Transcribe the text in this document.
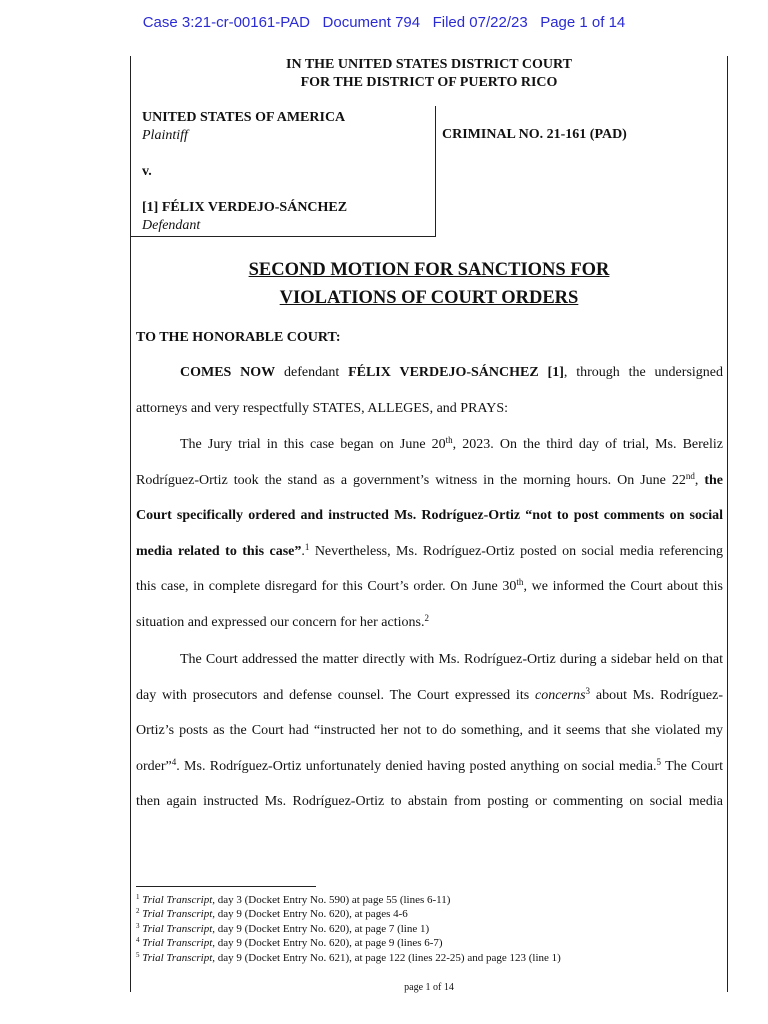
Case 3:21-cr-00161-PAD Document 794 Filed 07/22/23 Page 1 of 14
IN THE UNITED STATES DISTRICT COURT
FOR THE DISTRICT OF PUERTO RICO
UNITED STATES OF AMERICA
Plaintiff
v.
[1] FÉLIX VERDEJO-SÁNCHEZ
Defendant
CRIMINAL NO. 21-161 (PAD)
SECOND MOTION FOR SANCTIONS FOR
VIOLATIONS OF COURT ORDERS
TO THE HONORABLE COURT:

COMES NOW defendant FÉLIX VERDEJO-SÁNCHEZ [1], through the undersigned attorneys and very respectfully STATES, ALLEGES, and PRAYS:

The Jury trial in this case began on June 20th, 2023. On the third day of trial, Ms. Bereliz Rodríguez-Ortiz took the stand as a government’s witness in the morning hours. On June 22nd, the Court specifically ordered and instructed Ms. Rodríguez-Ortiz “not to post comments on social media related to this case”.$^1$ Nevertheless, Ms. Rodríguez-Ortiz posted on social media referencing this case, in complete disregard for this Court’s order. On June 30th, we informed the Court about this situation and expressed our concern for her actions.$^2$

The Court addressed the matter directly with Ms. Rodríguez-Ortiz during a sidebar held on that day with prosecutors and defense counsel. The Court expressed its concerns$^3$ about Ms. Rodríguez-Ortiz’s posts as the Court had “instructed her not to do something, and it seems that she violated my order”$^4$. Ms. Rodríguez-Ortiz unfortunately denied having posted anything on social media.$^5$ The Court then again instructed Ms. Rodríguez-Ortiz to abstain from posting or commenting on social media

$^1$ Trial Transcript, day 3 (Docket Entry No. 590) at page 55 (lines 6-11)
$^2$ Trial Transcript, day 9 (Docket Entry No. 620), at pages 4-6
$^3$ Trial Transcript, day 9 (Docket Entry No. 620), at page 7 (line 1)
$^4$ Trial Transcript, day 9 (Docket Entry No. 620), at page 9 (lines 6-7)
$^5$ Trial Transcript, day 9 (Docket Entry No. 621), at page 122 (lines 22-25) and page 123 (line 1)
page 1 of 14
